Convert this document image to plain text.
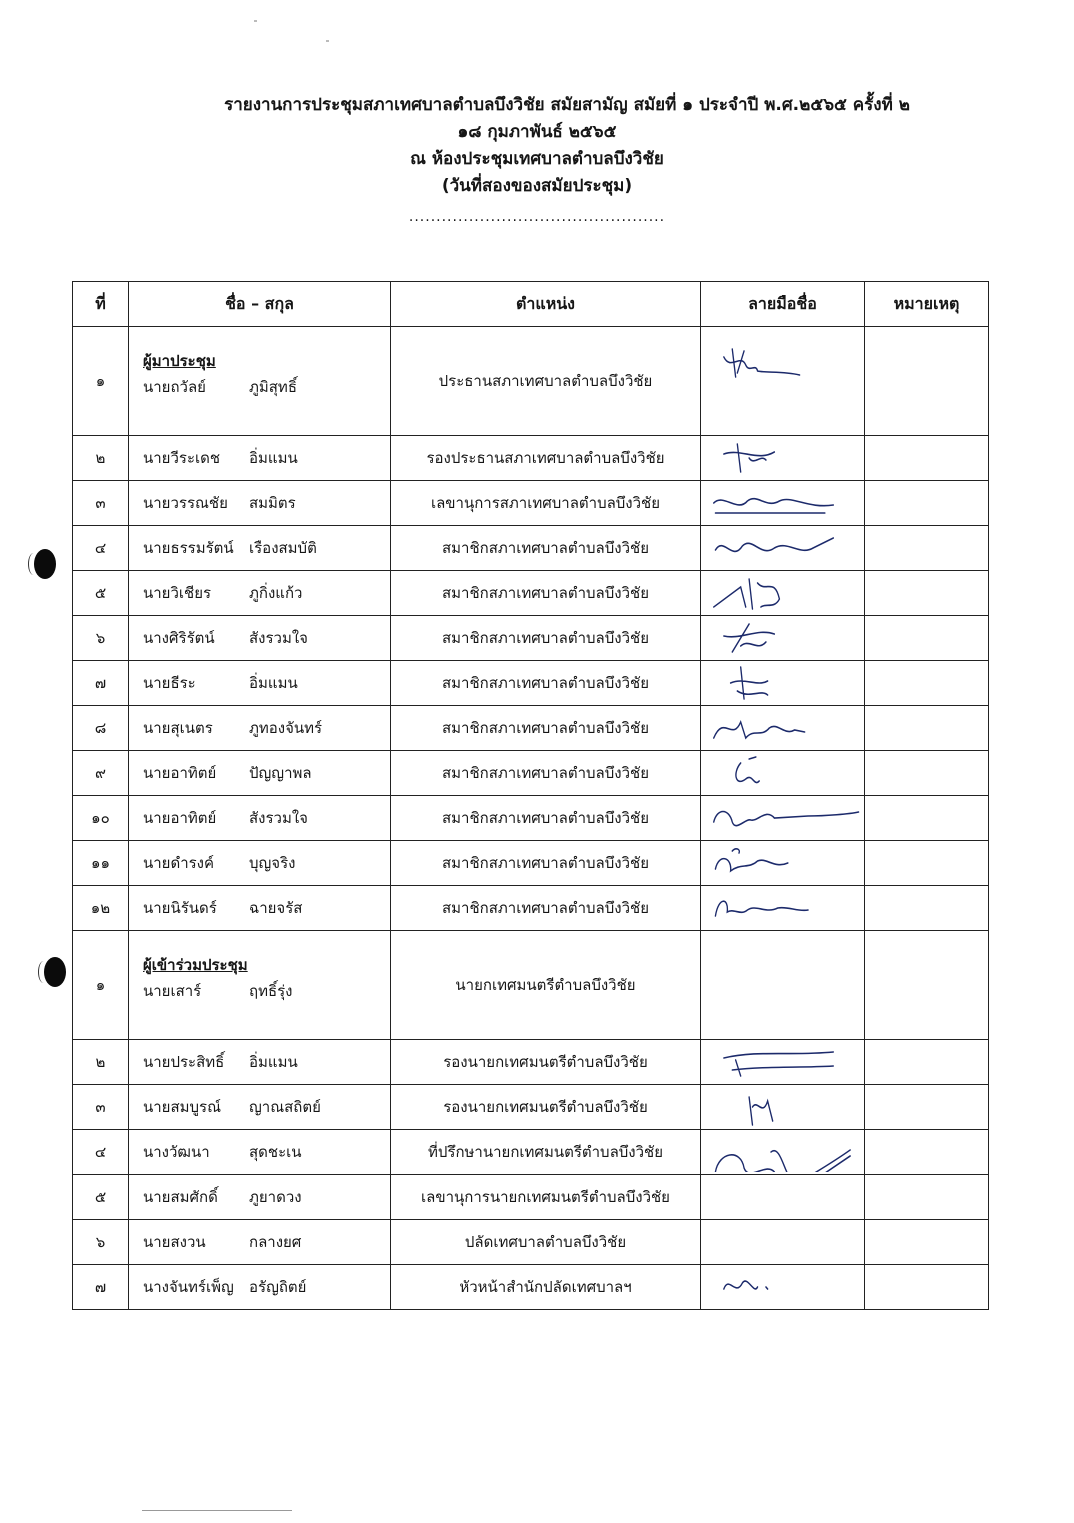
รายงานการประชุมสภาเทศบาลตำบลบึงวิชัย สมัยสามัญ สมัยที่ ๑ ประจำปี พ.ศ.๒๕๖๕ ครั้งที่ ๒
๑๘ กุมภาพันธ์ ๒๕๖๕
ณ ห้องประชุมเทศบาลตำบลบึงวิชัย
(วันที่สองของสมัยประชุม)
...............................................
ที่	ชื่อ – สกุล	ตำแหน่ง	ลายมือชื่อ	หมายเหตุ
๑	ผู้มาประชุม
นายถวัลย์ ภูมิสุทธิ์	ประธานสภาเทศบาลตำบลบึงวิชัย	

๒	นายวีระเดช อิ่มแมน	รองประธานสภาเทศบาลตำบลบึงวิชัย	

๓	นายวรรณชัย สมมิตร	เลขานุการสภาเทศบาลตำบลบึงวิชัย	

๔	นายธรรมรัตน์ เรืองสมบัติ	สมาชิกสภาเทศบาลตำบลบึงวิชัย	

๕	นายวิเชียร ภูกิ่งแก้ว	สมาชิกสภาเทศบาลตำบลบึงวิชัย	

๖	นางศิริรัตน์ สังรวมใจ	สมาชิกสภาเทศบาลตำบลบึงวิชัย	

๗	นายธีระ อิ่มแมน	สมาชิกสภาเทศบาลตำบลบึงวิชัย	

๘	นายสุเนตร ภูทองจันทร์	สมาชิกสภาเทศบาลตำบลบึงวิชัย	

๙	นายอาทิตย์ ปัญญาพล	สมาชิกสภาเทศบาลตำบลบึงวิชัย	

๑๐	นายอาทิตย์ สังรวมใจ	สมาชิกสภาเทศบาลตำบลบึงวิชัย	

๑๑	นายดำรงค์ บุญจริง	สมาชิกสภาเทศบาลตำบลบึงวิชัย	

๑๒	นายนิรันดร์ ฉายจรัส	สมาชิกสภาเทศบาลตำบลบึงวิชัย	

๑	ผู้เข้าร่วมประชุม
นายเสาร์ ฤทธิ์รุ่ง	นายกเทศมนตรีตำบลบึงวิชัย		
๒	นายประสิทธิ์ อิ่มแมน	รองนายกเทศมนตรีตำบลบึงวิชัย	

๓	นายสมบูรณ์ ญาณสถิตย์	รองนายกเทศมนตรีตำบลบึงวิชัย	

๔	นางวัฒนา สุดชะเน	ที่ปรึกษานายกเทศมนตรีตำบลบึงวิชัย	

๕	นายสมศักดิ์ ภูยาดวง	เลขานุการนายกเทศมนตรีตำบลบึงวิชัย		
๖	นายสงวน กลางยศ	ปลัดเทศบาลตำบลบึงวิชัย		
๗	นางจันทร์เพ็ญ อรัญถิตย์	หัวหน้าสำนักปลัดเทศบาลฯ	
